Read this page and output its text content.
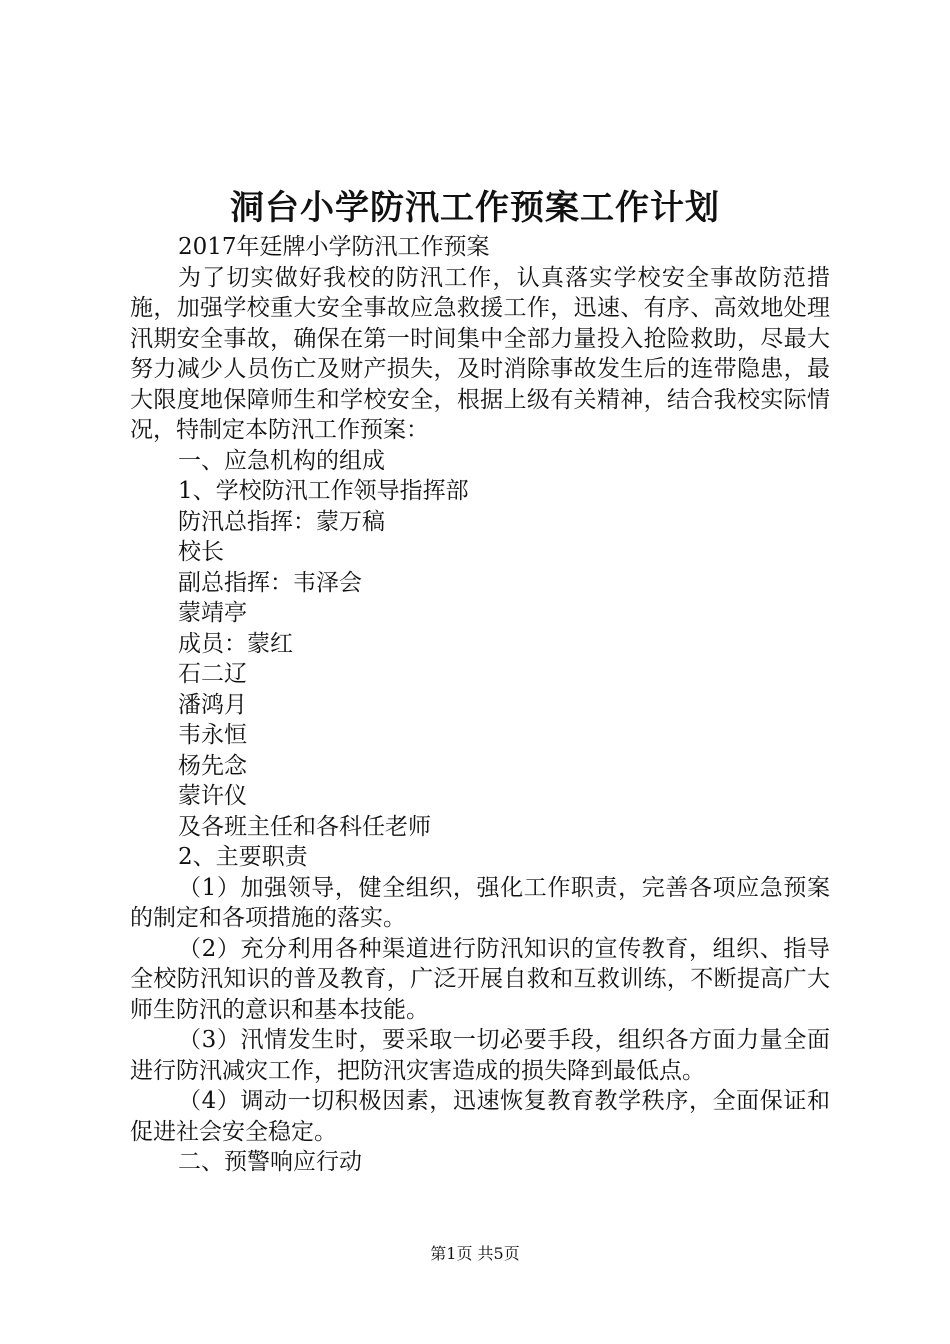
洞台小学防汛工作预案工作计划

2017年廷牌小学防汛工作预案

为了切实做好我校的防汛工作，认真落实学校安全事故防范措施，加强学校重大安全事故应急救援工作，迅速、有序、高效地处理汛期安全事故，确保在第一时间集中全部力量投入抢险救助，尽最大努力减少人员伤亡及财产损失，及时消除事故发生后的连带隐患，最大限度地保障师生和学校安全，根据上级有关精神，结合我校实际情况，特制定本防汛工作预案：

一、应急机构的组成

1、学校防汛工作领导指挥部

防汛总指挥：蒙万稿

校长

副总指挥：韦泽会

蒙靖亭

成员：蒙红

石二辽

潘鸿月

韦永恒

杨先念

蒙许仪

及各班主任和各科任老师

2、主要职责

（1）加强领导，健全组织，强化工作职责，完善各项应急预案的制定和各项措施的落实。

（2）充分利用各种渠道进行防汛知识的宣传教育，组织、指导全校防汛知识的普及教育，广泛开展自救和互救训练，不断提高广大师生防汛的意识和基本技能。

（3）汛情发生时，要采取一切必要手段，组织各方面力量全面进行防汛减灾工作，把防汛灾害造成的损失降到最低点。

（4）调动一切积极因素，迅速恢复教育教学秩序，全面保证和促进社会安全稳定。

二、预警响应行动

第1页 共5页
